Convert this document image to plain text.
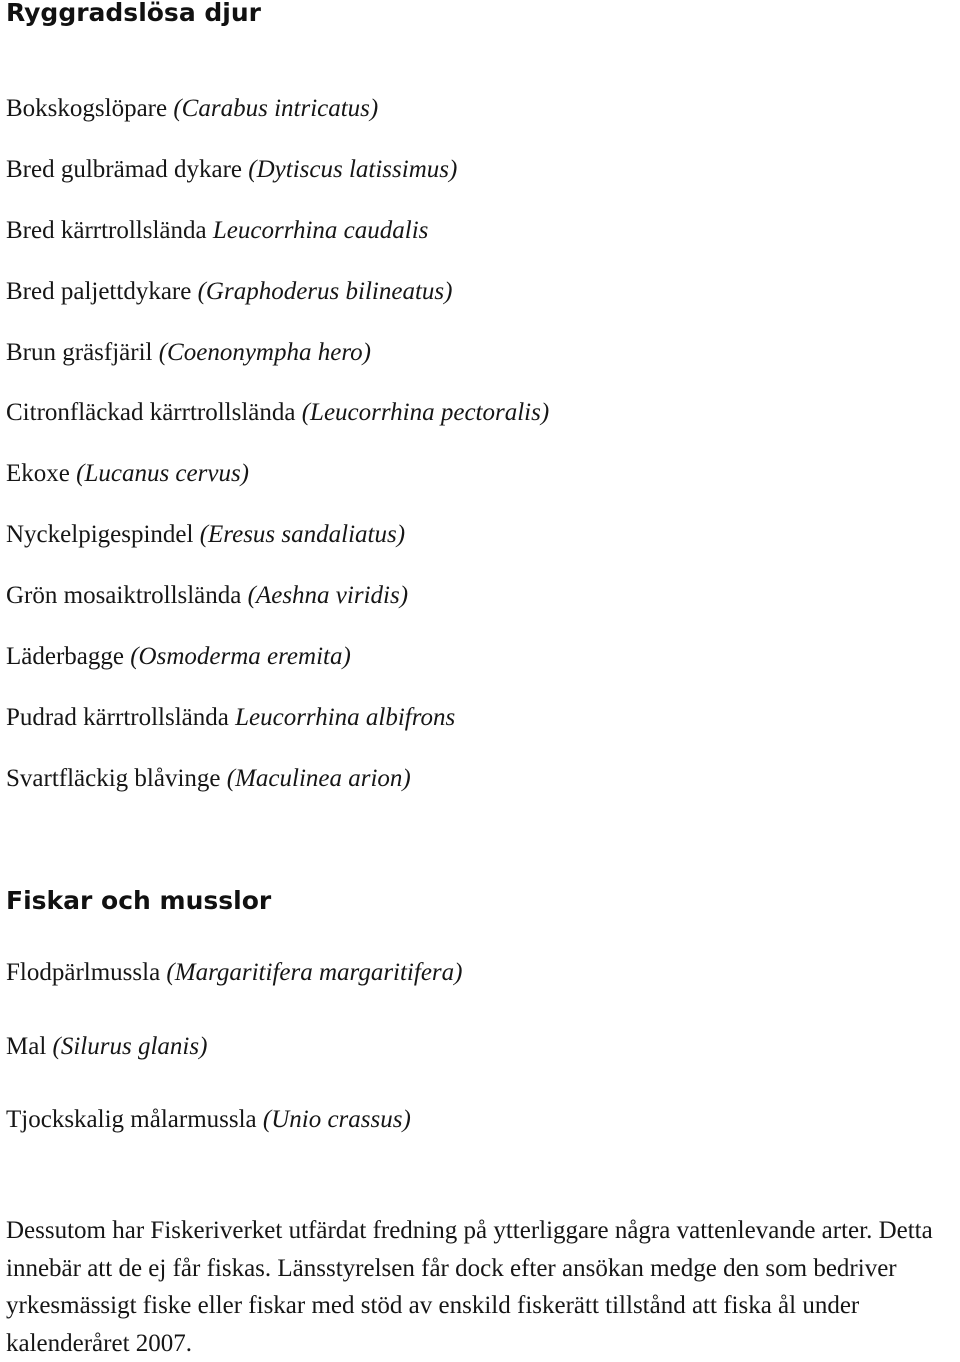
Ryggradslösa djur

Bokskogslöpare (Carabus intricatus)

Bred gulbrämad dykare (Dytiscus latissimus)

Bred kärrtrollslända Leucorrhina caudalis

Bred paljettdykare (Graphoderus bilineatus)

Brun gräsfjäril (Coenonympha hero)

Citronfläckad kärrtrollslända (Leucorrhina pectoralis)

Ekoxe (Lucanus cervus)

Nyckelpigespindel (Eresus sandaliatus)

Grön mosaiktrollslända (Aeshna viridis)

Läderbagge (Osmoderma eremita)

Pudrad kärrtrollslända Leucorrhina albifrons

Svartfläckig blåvinge (Maculinea arion)

Fiskar och musslor

Flodpärlmussla (Margaritifera margaritifera)

Mal (Silurus glanis)

Tjockskalig målarmussla (Unio crassus)

Dessutom har Fiskeriverket utfärdat fredning på ytterliggare några vattenlevande arter. Detta innebär att de ej får fiskas. Länsstyrelsen får dock efter ansökan medge den som bedriver yrkesmässigt fiske eller fiskar med stöd av enskild fiskerätt tillstånd att fiska ål under kalenderåret 2007.
